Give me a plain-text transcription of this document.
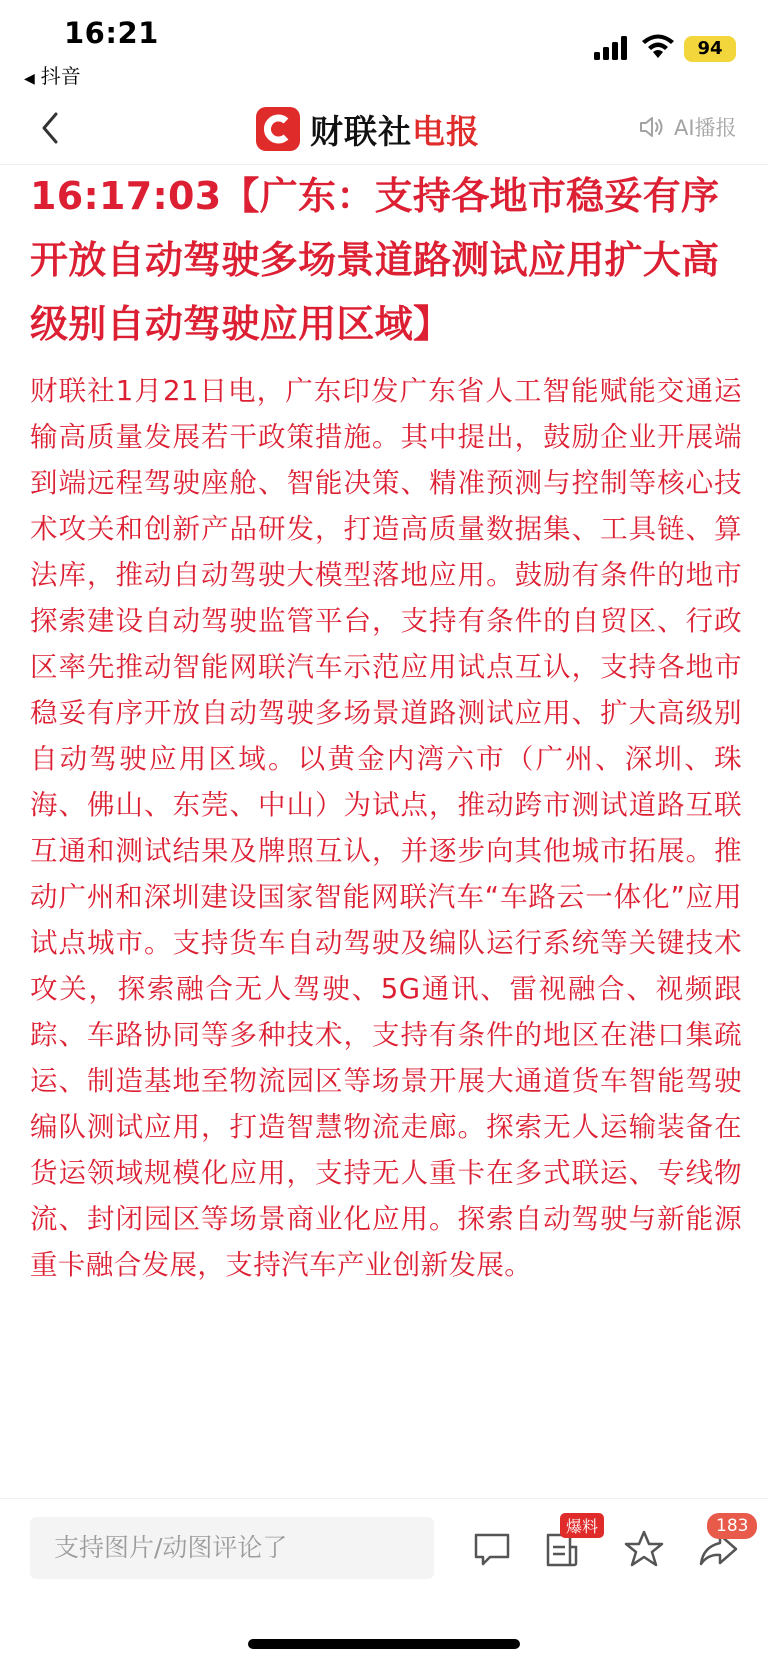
16:21
◀ 抖音
94
财联社电报	AI播报
16:17:03【广东：支持各地市稳妥有序开放自动驾驶多场景道路测试应用扩大高级别自动驾驶应用区域】

财联社1月21日电，广东印发广东省人工智能赋能交通运输高质量发展若干政策措施。其中提出，鼓励企业开展端到端远程驾驶座舱、智能决策、精准预测与控制等核心技术攻关和创新产品研发，打造高质量数据集、工具链、算法库，推动自动驾驶大模型落地应用。鼓励有条件的地市探索建设自动驾驶监管平台，支持有条件的自贸区、行政区率先推动智能网联汽车示范应用试点互认，支持各地市稳妥有序开放自动驾驶多场景道路测试应用、扩大高级别自动驾驶应用区域。以黄金内湾六市（广州、深圳、珠海、佛山、东莞、中山）为试点，推动跨市测试道路互联互通和测试结果及牌照互认，并逐步向其他城市拓展。推动广州和深圳建设国家智能网联汽车“车路云一体化”应用试点城市。支持货车自动驾驶及编队运行系统等关键技术攻关，探索融合无人驾驶、5G通讯、雷视融合、视频跟踪、车路协同等多种技术，支持有条件的地区在港口集疏运、制造基地至物流园区等场景开展大通道货车智能驾驶编队测试应用，打造智慧物流走廊。探索无人运输装备在货运领域规模化应用，支持无人重卡在多式联运、专线物流、封闭园区等场景商业化应用。探索自动驾驶与新能源重卡融合发展，支持汽车产业创新发展。

支持图片/动图评论了
爆料	183
